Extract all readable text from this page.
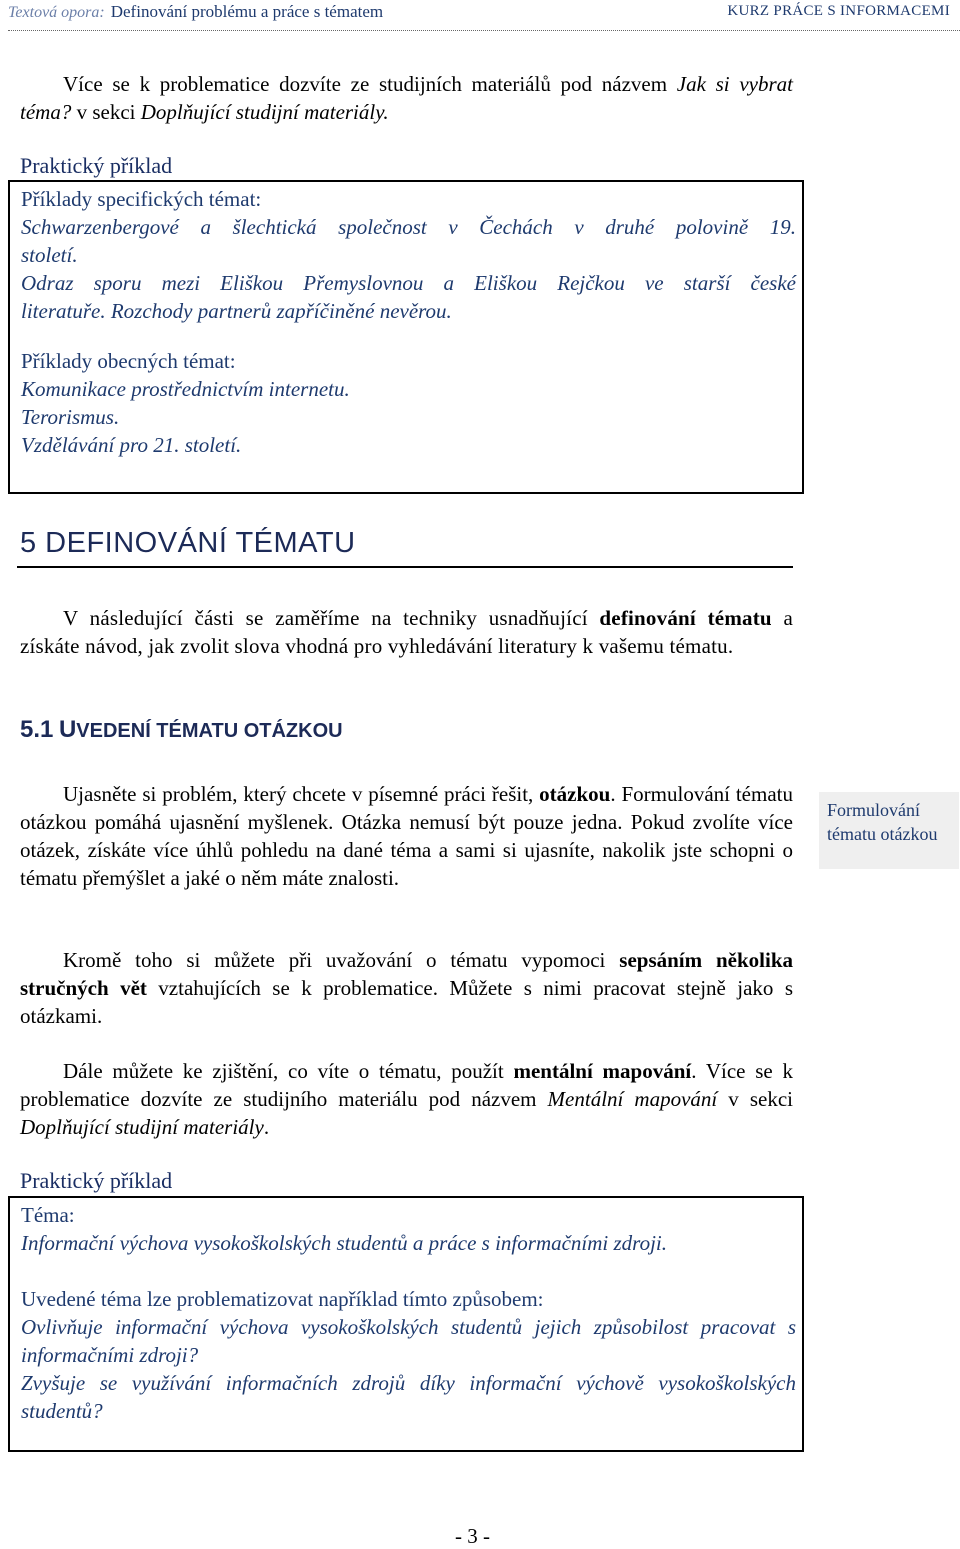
Textová opora: Definování problému a práce s tématem	KURZ PRÁCE S INFORMACEMI

Více se k problematice dozvíte ze studijních materiálů pod názvem Jak si vybrat téma? v sekci Doplňující studijní materiály.

Praktický příklad
Příklady specifických témat:
Schwarzenbergové a šlechtická společnost v Čechách v druhé polovině 19.
století.
Odraz sporu mezi Eliškou Přemyslovnou a Eliškou Rejčkou ve starší české
literatuře. Rozchody partnerů zapříčiněné nevěrou.
Příklady obecných témat:
Komunikace prostřednictvím internetu.
Terorismus.
Vzdělávání pro 21. století.
5 DEFINOVÁNÍ TÉMATU

V následující části se zaměříme na techniky usnadňující definování tématu a získáte návod, jak zvolit slova vhodná pro vyhledávání literatury k vašemu tématu.

5.1 UVEDENÍ TÉMATU OTÁZKOU

Ujasněte si problém, který chcete v písemné práci řešit, otázkou. Formulování tématu otázkou pomáhá ujasnění myšlenek. Otázka nemusí být pouze jedna. Pokud zvolíte více otázek, získáte více úhlů pohledu na dané téma a sami si ujasníte, nakolik jste schopni o tématu přemýšlet a jaké o něm máte znalosti.

Formulování tématu otázkou

Kromě toho si můžete při uvažování o tématu vypomoci sepsáním několika stručných vět vztahujících se k problematice. Můžete s nimi pracovat stejně jako s otázkami.

Dále můžete ke zjištění, co víte o tématu, použít mentální mapování. Více se k problematice dozvíte ze studijního materiálu pod názvem Mentální mapování v sekci Doplňující studijní materiály.

Praktický příklad
Téma:
Informační výchova vysokoškolských studentů a práce s informačními zdroji.
Uvedené téma lze problematizovat například tímto způsobem:
Ovlivňuje informační výchova vysokoškolských studentů jejich způsobilost pracovat s informačními zdroji?
Zvyšuje se využívání informačních zdrojů díky informační výchově vysokoškolských studentů?
- 3 -
